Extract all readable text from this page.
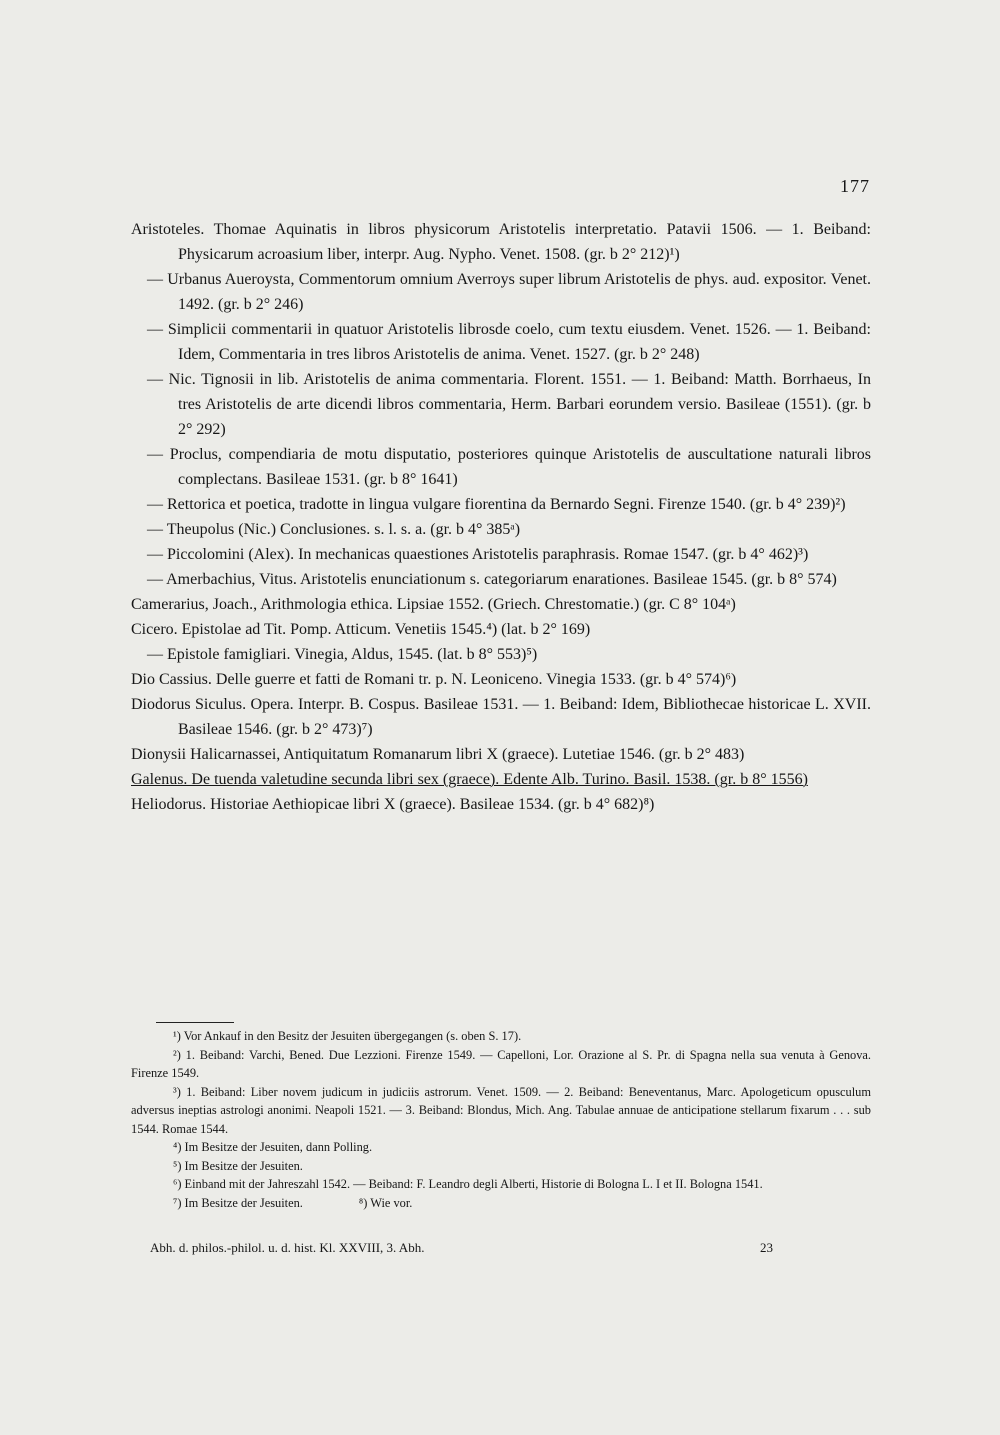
177

Aristoteles. Thomae Aquinatis in libros physicorum Aristotelis interpretatio. Patavii 1506. — 1. Beiband: Physicarum acroasium liber, interpr. Aug. Nypho. Venet. 1508. (gr. b 2° 212)¹)

— Urbanus Aueroysta, Commentorum omnium Averroys super librum Aristotelis de phys. aud. expositor. Venet. 1492. (gr. b 2° 246)

— Simplicii commentarii in quatuor Aristotelis librosde coelo, cum textu eiusdem. Venet. 1526. — 1. Beiband: Idem, Commentaria in tres libros Aristotelis de anima. Venet. 1527. (gr. b 2° 248)

— Nic. Tignosii in lib. Aristotelis de anima commentaria. Florent. 1551. — 1. Beiband: Matth. Borrhaeus, In tres Aristotelis de arte dicendi libros commentaria, Herm. Barbari eorundem versio. Basileae (1551). (gr. b 2° 292)

— Proclus, compendiaria de motu disputatio, posteriores quinque Aristotelis de auscultatione naturali libros complectans. Basileae 1531. (gr. b 8° 1641)

— Rettorica et poetica, tradotte in lingua vulgare fiorentina da Bernardo Segni. Firenze 1540. (gr. b 4° 239)²)

— Theupolus (Nic.) Conclusiones. s. l. s. a. (gr. b 4° 385ᵃ)

— Piccolomini (Alex). In mechanicas quaestiones Aristotelis paraphrasis. Romae 1547. (gr. b 4° 462)³)

— Amerbachius, Vitus. Aristotelis enunciationum s. categoriarum enarationes. Basileae 1545. (gr. b 8° 574)

Camerarius, Joach., Arithmologia ethica. Lipsiae 1552. (Griech. Chrestomatie.) (gr. C 8° 104ᵃ)

Cicero. Epistolae ad Tit. Pomp. Atticum. Venetiis 1545.⁴) (lat. b 2° 169)

— Epistole famigliari. Vinegia, Aldus, 1545. (lat. b 8° 553)⁵)

Dio Cassius. Delle guerre et fatti de Romani tr. p. N. Leoniceno. Vinegia 1533. (gr. b 4° 574)⁶)

Diodorus Siculus. Opera. Interpr. B. Cospus. Basileae 1531. — 1. Beiband: Idem, Bibliothecae historicae L. XVII. Basileae 1546. (gr. b 2° 473)⁷)

Dionysii Halicarnassei, Antiquitatum Romanarum libri X (graece). Lutetiae 1546. (gr. b 2° 483)

Galenus. De tuenda valetudine secunda libri sex (graece). Edente Alb. Turino. Basil. 1538. (gr. b 8° 1556)

Heliodorus. Historiae Aethiopicae libri X (graece). Basileae 1534. (gr. b 4° 682)⁸)

¹) Vor Ankauf in den Besitz der Jesuiten übergegangen (s. oben S. 17).

²) 1. Beiband: Varchi, Bened. Due Lezzioni. Firenze 1549. — Capelloni, Lor. Orazione al S. Pr. di Spagna nella sua venuta à Genova. Firenze 1549.

³) 1. Beiband: Liber novem judicum in judiciis astrorum. Venet. 1509. — 2. Beiband: Beneventanus, Marc. Apologeticum opusculum adversus ineptias astrologi anonimi. Neapoli 1521. — 3. Beiband: Blondus, Mich. Ang. Tabulae annuae de anticipatione stellarum fixarum . . . sub 1544. Romae 1544.

⁴) Im Besitze der Jesuiten, dann Polling.

⁵) Im Besitze der Jesuiten.

⁶) Einband mit der Jahreszahl 1542. — Beiband: F. Leandro degli Alberti, Historie di Bologna L. I et II. Bologna 1541.

⁷) Im Besitze der Jesuiten.	⁸) Wie vor.

Abh. d. philos.-philol. u. d. hist. Kl. XXVIII, 3. Abh.	23
